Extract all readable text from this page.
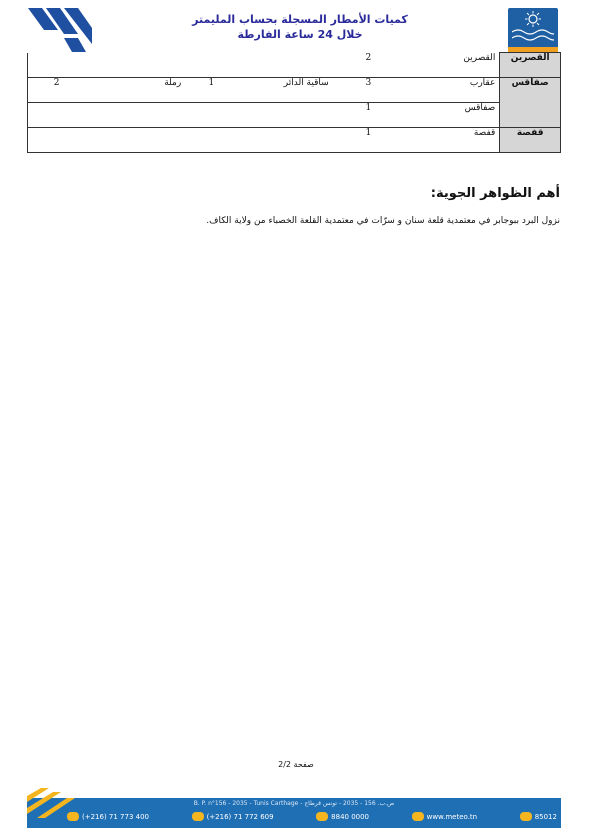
كميات الأمطار المسجلة بحساب المليمتر
خلال 24 ساعة الفارطة
القصرين	القصرين	2				
صفاقس	عقارب	3	ساقية الدائر	1	رملة	2
	صفاقس	1				
قفصة	قفصة	1				
أهم الظواهر الجوية:
نزول البرد ببوجابر في معتمدية قلعة سنان و سرّات في معتمدية القلعة الخصباء من ولاية الكاف.
صفحة 2/2
B. P. n°156 - 2035 - Tunis Carthage - ص.ب. 156 - 2035 - تونس قرطاج
(+216) 71 773 400	(+216) 71 772 609	8840 0000	www.meteo.tn	85012
